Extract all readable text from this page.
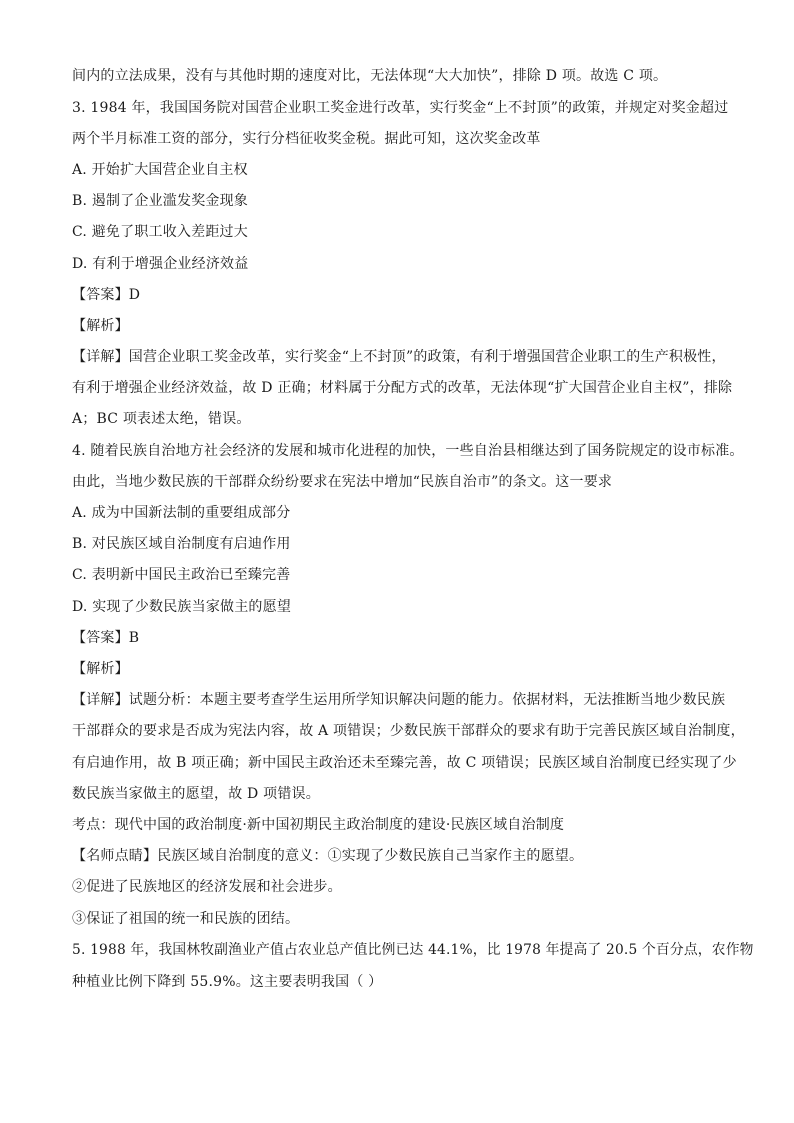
间内的立法成果，没有与其他时期的速度对比，无法体现“大大加快”，排除 D 项。故选 C 项。
3. 1984 年，我国国务院对国营企业职工奖金进行改革，实行奖金“上不封顶”的政策，并规定对奖金超过
两个半月标准工资的部分，实行分档征收奖金税。据此可知，这次奖金改革
A. 开始扩大国营企业自主权
B. 遏制了企业滥发奖金现象
C. 避免了职工收入差距过大
D. 有利于增强企业经济效益
【答案】D
【解析】
【详解】国营企业职工奖金改革，实行奖金“上不封顶”的政策，有利于增强国营企业职工的生产积极性，
有利于增强企业经济效益，故 D 正确；材料属于分配方式的改革，无法体现“扩大国营企业自主权”，排除
A；BC 项表述太绝，错误。
4. 随着民族自治地方社会经济的发展和城市化进程的加快，一些自治县相继达到了国务院规定的设市标准。
由此，当地少数民族的干部群众纷纷要求在宪法中增加“民族自治市”的条文。这一要求
A. 成为中国新法制的重要组成部分
B. 对民族区域自治制度有启迪作用
C. 表明新中国民主政治已至臻完善
D. 实现了少数民族当家做主的愿望
【答案】B
【解析】
【详解】试题分析：本题主要考查学生运用所学知识解决问题的能力。依据材料，无法推断当地少数民族
干部群众的要求是否成为宪法内容，故 A 项错误；少数民族干部群众的要求有助于完善民族区域自治制度，
有启迪作用，故 B 项正确；新中国民主政治还未至臻完善，故 C 项错误；民族区域自治制度已经实现了少
数民族当家做主的愿望，故 D 项错误。
考点：现代中国的政治制度·新中国初期民主政治制度的建设·民族区域自治制度
【名师点睛】民族区域自治制度的意义：①实现了少数民族自己当家作主的愿望。
②促进了民族地区的经济发展和社会进步。
③保证了祖国的统一和民族的团结。
5. 1988 年，我国林牧副渔业产值占农业总产值比例已达 44.1%，比 1978 年提高了 20.5 个百分点，农作物
种植业比例下降到 55.9%。这主要表明我国（ ）
